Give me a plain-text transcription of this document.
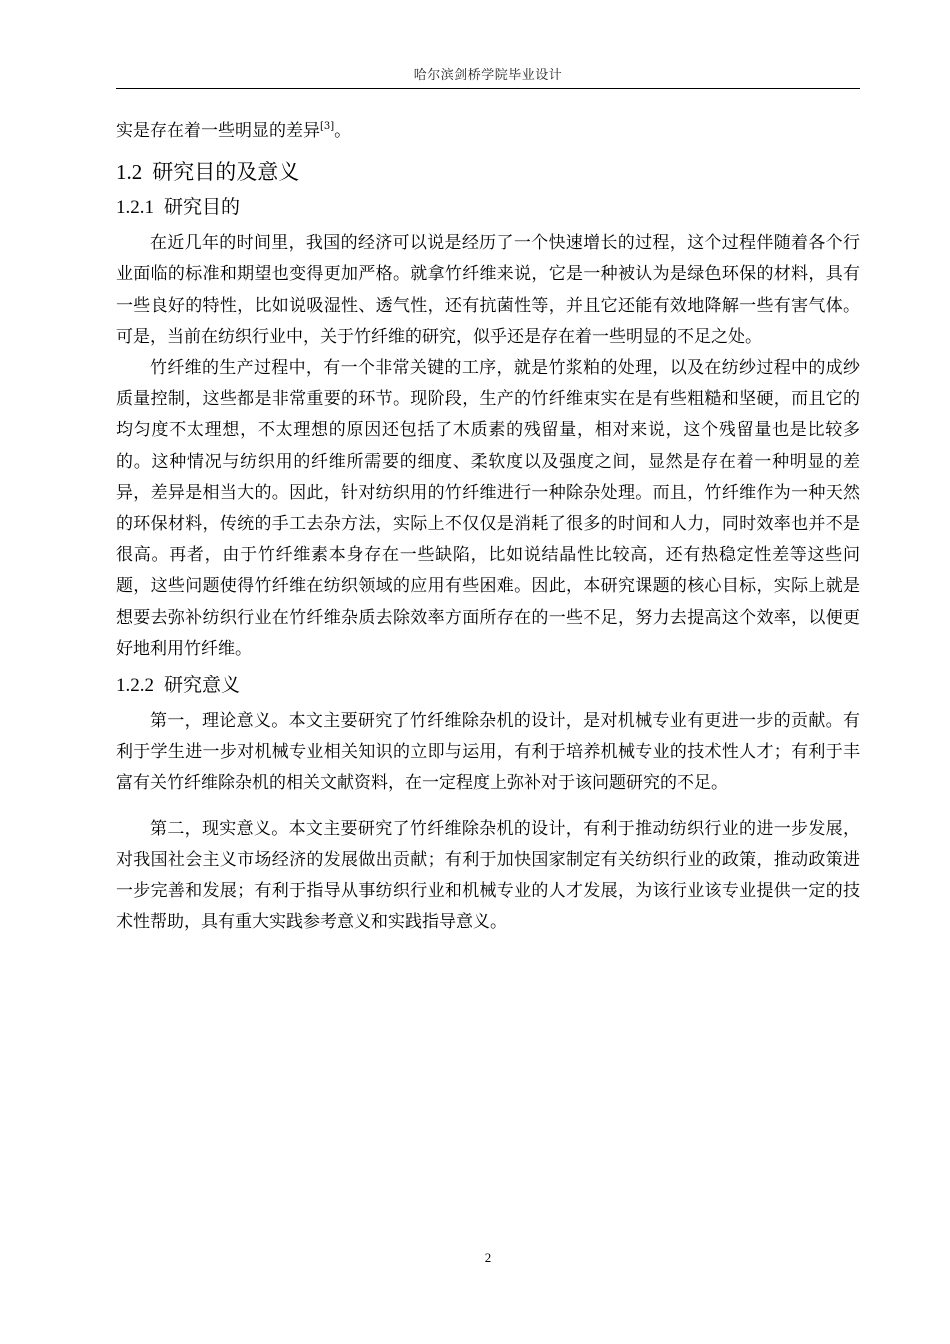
哈尔滨剑桥学院毕业设计

实是存在着一些明显的差异[3]。

1.2 研究目的及意义
1.2.1 研究目的

在近几年的时间里，我国的经济可以说是经历了一个快速增长的过程，这个过程伴随着各个行业面临的标准和期望也变得更加严格。就拿竹纤维来说，它是一种被认为是绿色环保的材料，具有一些良好的特性，比如说吸湿性、透气性，还有抗菌性等，并且它还能有效地降解一些有害气体。可是，当前在纺织行业中，关于竹纤维的研究，似乎还是存在着一些明显的不足之处。

竹纤维的生产过程中，有一个非常关键的工序，就是竹浆粕的处理，以及在纺纱过程中的成纱质量控制，这些都是非常重要的环节。现阶段，生产的竹纤维束实在是有些粗糙和坚硬，而且它的均匀度不太理想，不太理想的原因还包括了木质素的残留量，相对来说，这个残留量也是比较多的。这种情况与纺织用的纤维所需要的细度、柔软度以及强度之间，显然是存在着一种明显的差异，差异是相当大的。因此，针对纺织用的竹纤维进行一种除杂处理。而且，竹纤维作为一种天然的环保材料，传统的手工去杂方法，实际上不仅仅是消耗了很多的时间和人力，同时效率也并不是很高。再者，由于竹纤维素本身存在一些缺陷，比如说结晶性比较高，还有热稳定性差等这些问题，这些问题使得竹纤维在纺织领域的应用有些困难。因此，本研究课题的核心目标，实际上就是想要去弥补纺织行业在竹纤维杂质去除效率方面所存在的一些不足，努力去提高这个效率，以便更好地利用竹纤维。

1.2.2 研究意义

第一，理论意义。本文主要研究了竹纤维除杂机的设计，是对机械专业有更进一步的贡献。有利于学生进一步对机械专业相关知识的立即与运用，有利于培养机械专业的技术性人才；有利于丰富有关竹纤维除杂机的相关文献资料，在一定程度上弥补对于该问题研究的不足。

第二，现实意义。本文主要研究了竹纤维除杂机的设计，有利于推动纺织行业的进一步发展，对我国社会主义市场经济的发展做出贡献；有利于加快国家制定有关纺织行业的政策，推动政策进一步完善和发展；有利于指导从事纺织行业和机械专业的人才发展，为该行业该专业提供一定的技术性帮助，具有重大实践参考意义和实践指导意义。

2
